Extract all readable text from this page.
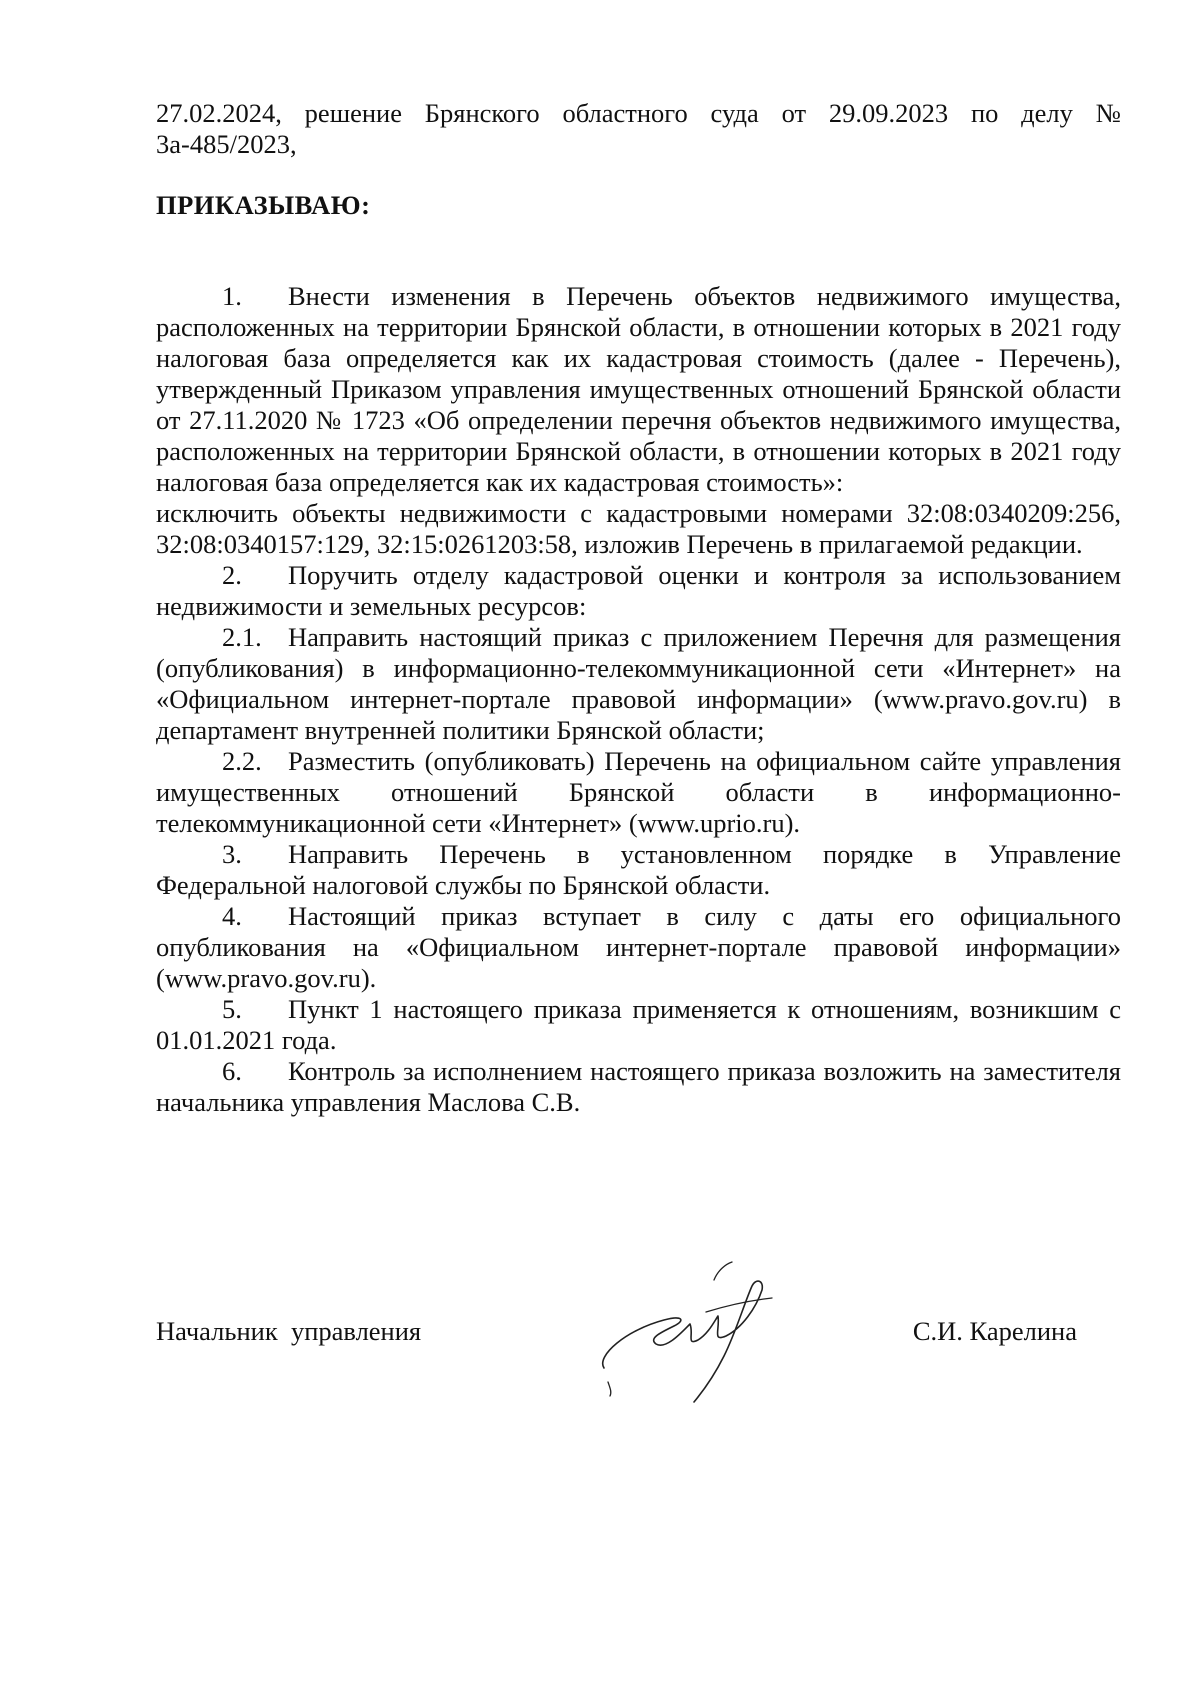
27.02.2024, решение Брянского областного суда от 29.09.2023 по делу № 3а-485/2023,

ПРИКАЗЫВАЮ:

1. Внести изменения в Перечень объектов недвижимого имущества, расположенных на территории Брянской области, в отношении которых в 2021 году налоговая база определяется как их кадастровая стоимость (далее - Перечень), утвержденный Приказом управления имущественных отношений Брянской области от 27.11.2020 № 1723 «Об определении перечня объектов недвижимого имущества, расположенных на территории Брянской области, в отношении которых в 2021 году налоговая база определяется как их кадастровая стоимость»:

исключить объекты недвижимости с кадастровыми номерами 32:08:0340209:256, 32:08:0340157:129, 32:15:0261203:58, изложив Перечень в прилагаемой редакции.

2. Поручить отделу кадастровой оценки и контроля за использованием недвижимости и земельных ресурсов:

2.1. Направить настоящий приказ с приложением Перечня для размещения (опубликования) в информационно-телекоммуникационной сети «Интернет» на «Официальном интернет-портале правовой информации» (www.pravo.gov.ru) в департамент внутренней политики Брянской области;

2.2. Разместить (опубликовать) Перечень на официальном сайте управления имущественных отношений Брянской области в информационно-телекоммуникационной сети «Интернет» (www.uprio.ru).

3. Направить Перечень в установленном порядке в Управление Федеральной налоговой службы по Брянской области.

4. Настоящий приказ вступает в силу с даты его официального опубликования на «Официальном интернет-портале правовой информации» (www.pravo.gov.ru).

5. Пункт 1 настоящего приказа применяется к отношениям, возникшим с 01.01.2021 года.

6. Контроль за исполнением настоящего приказа возложить на заместителя начальника управления Маслова С.В.

Начальник  управления	С.И. Карелина
